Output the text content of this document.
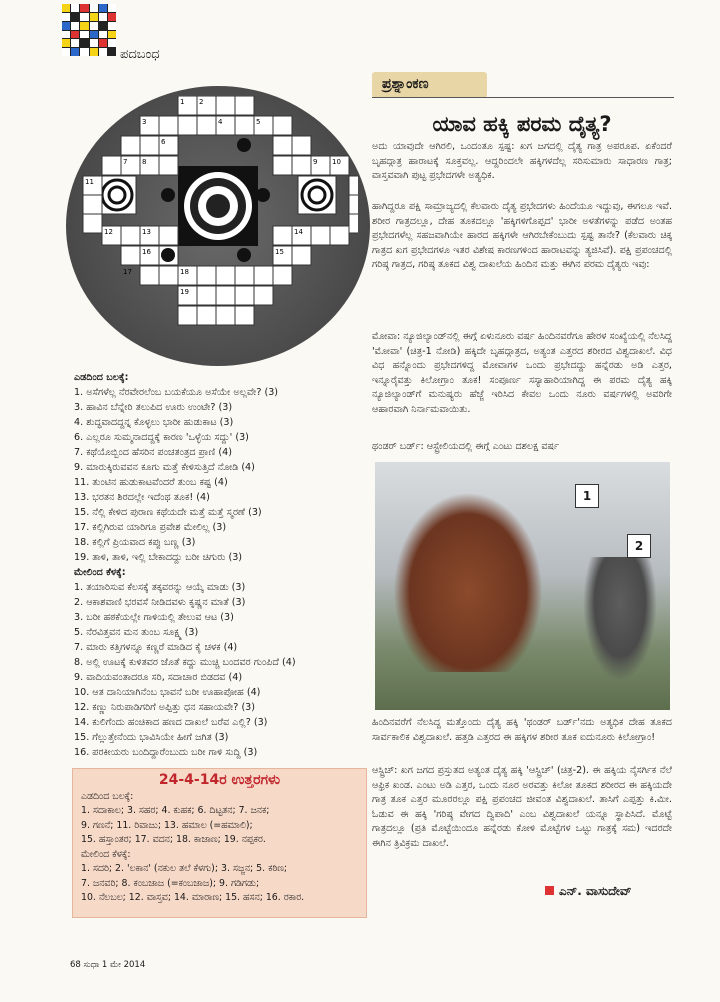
ಪದಬಂಧ
1 2
3	4	5
6
7 8	9 10
11
12	13	14
15
16
17	18
19
ಎಡದಿಂದ ಬಲಕ್ಕೆ:
1. ಅಸೆಗಳೆಲ್ಲ ನೆರವೇರಲೆಂಬ ಬಯಕೆಯೂ ಅಸೆಯೇ ಅಲ್ಲವೇ? (3)
3. ಹಾವಿನ ಬೆನ್ನೇರಿ ತಲುಪಿದ ಊರು ಉಂಟೇ? (3)
4. ಶುದ್ಧವಾದದ್ದನ್ನ ಕೊಳ್ಳಲು ಭಾರೀ ಹುಡುಕಾಟ (3)
6. ಎಲ್ಲರೂ ಸುಮ್ಮನಾದದ್ದಕ್ಕೆ ಕಾರಣ 'ಒಳ್ಳೆಯ ಸದ್ದು' (3)
7. ಕಥೆಯೊಬ್ಬಿಂದ ಹೆಸರಿನ ಪಂಚತಂತ್ರದ ಪ್ರಾಣಿ (4)
9. ಮಾರುಕ್ಕಿರುವವನ ಕೂಗು ಮತ್ತೆ ಕೇಳಿಸುತ್ತಿದೆ ನೋಡಿ (4)
11. ತುಂಟಿನ ಹುಡುಕಾಟವೆಂದರೆ ತುಂಬ ಕಷ್ಟ (4)
13. ಭರತನ ಶಿರದಲ್ಲೇ ಇದೆಂಥ ತೂಕ! (4)
15. ನೆಲ್ಲಿ ಕೇಳಿದ ಪುರಾಣ ಕಥೆಯದೇ ಮತ್ತೆ ಮತ್ತೆ ಸ್ಮರಣೆ (3)
17. ಕಲ್ಲಿಗಿರುವ ಯಾರಿಗೂ ಪ್ರವೇಶ ಮೇಲಿಲ್ಲ (3)
18. ಕಲ್ಲಿಗೆ ಪ್ರಿಯವಾದ ಕಪ್ಪು ಬಣ್ಣ (3)
19. ತಾಳಿ, ತಾಳಿ, ಇಲ್ಲಿ ಬೇಕಾದದ್ದು ಬರೀ ಚಿಗುರು (3)
ಮೇಲಿಂದ ಕೆಳಕ್ಕೆ:
1. ತಯಾರಿಸುವ ಕೆಲಸಕ್ಕೆ ತಕ್ಕವರನ್ನು ಆಯ್ಕೆ ಮಾಡು (3)
2. ಆಕಾಶವಾಣಿ ಭರವಸೆ ನೀಡಿದವಳು ಕೃಷ್ಣನ ಮಾತೆ (3)
3. ಬರೀ ಹಠಕೆಯಲ್ಲೇ ಗಾಳಿಯಲ್ಲಿ ತೇಲುವ ಆಟ (3)
5. ನೆರವಿತ್ತವನ ಮನ ತುಂಬ ಸೂಕ್ಷ್ಮ (3)
7. ಮಾರು ಕತ್ತಿಗಳನ್ನೂ ಕಣ್ಣರೆ ಮಾಡಿದ ಕೈ ಚಳಕ (4)
8. ಅಲ್ಲಿ ಊಟಕ್ಕೆ ಕುಳಿತವರ ಜೊತೆ ಕದ್ದು ಮುಚ್ಚಿ ಬಂದವರ ಗುಂಪಿದೆ (4)
9. ವಾದಿಯವಂತಾದರೂ ಸರಿ, ಸದಾಚಾರ ಬಿಡದವ (4)
10. ಆತ ದಾನಿಯಾಗಿನೆಂಬ ಭಾವನೆ ಬರೀ ಊಹಾಪೋಹ (4)
12. ಕಣ್ಣು ನಿರುಪಾಡಿಗರಿಗೆ ಅಪ್ಪಿತ್ತು ಧನ ಸಹಾಯವೇ? (3)
14. ಕುಲಿಗೆಂದು ಹಂಚಿಕಾದ ಹಣದ ದಾಖಲೆ ಬರೆವ ಎಲ್ಲಿ? (3)
15. ಗೆಲ್ಲುತ್ತೇನೆಂದು ಭಾವಿಸಿಯೇ ಹೀಗೆ ಜಗಿತ (3)
16. ಪರಕೀಯರು ಬಂದಿದ್ದಾರೆಂಬುದು ಬರೀ ಗಾಳಿ ಸುದ್ದಿ (3)
24-4-14ರ ಉತ್ತರಗಳು
ಎಡದಿಂದ ಬಲಕ್ಕೆ:
1. ಸದಾಕಾಲ; 3. ಸಹರ; 4. ಕುಹಕ; 6. ದಿಟ್ಟತನ; 7. ಜನಕ;
9. ಗಣನೆ; 11. ರಿವಾಜು; 13. ಹಮಾಲ (=ಹಮಾಲಿ);
15. ಹಸ್ತಾಂತರ; 17. ವದನ; 18. ಕಾಜಾಣ; 19. ನಪ್ಪಕರ.
ಮೇಲಿಂದ ಕೆಳಕ್ಕೆ:
1. ಸದರಿ; 2. 'ಲಕಾನ' (ನಕುಲ ತಲೆ ಕೆಳಗು); 3. ಸಜ್ಜನ; 5. ಕಠಿಣ;
7. ಜನವರಿ; 8. ಕಂಬಜಾಜ (=ಕಂಬಜಾಜ); 9. ಗಡಿಗಡು;
10. ನೆಲಬಲ; 12. ವಾಸ್ತವ; 14. ಮಾರಾಣ; 15. ಹಸನ; 16. ರಕಾರ.
68 ಸುಧಾ 1 ಮೇ 2014
ಪ್ರಶ್ನಾಂಕಣ
ಯಾವ ಹಕ್ಕಿ ಪರಮ ದೈತ್ಯ?
ಅದು ಯಾವುದೇ ಆಗಿರಲಿ, ಒಂದಂತೂ ಸ್ಪಷ್ಟ: ಖಗ ಜಗದಲ್ಲಿ ದೈತ್ಯ ಗಾತ್ರ ಅಪರೂಪ. ಏಕೆಂದರೆ ಬೃಹದ್ಗಾತ್ರ ಹಾರಾಟಕ್ಕೆ ಸೂಕ್ತವಲ್ಲ. ಆದ್ದರಿಂದಲೇ ಹಕ್ಕಿಗಳದೆಲ್ಲ ಸರಿಸುಮಾರು ಸಾಧಾರಣ ಗಾತ್ರ; ವಾಸ್ತವವಾಗಿ ಪುಟ್ಟ ಪ್ರಭೇದಗಳೇ ಅತ್ಯಧಿಕ.
ಹಾಗಿದ್ದರೂ ಪಕ್ಷಿ ಸಾಮ್ರಾಜ್ಯದಲ್ಲಿ ಕೆಲವಾರು ದೈತ್ಯ ಪ್ರಭೇದಗಳು ಹಿಂದೆಯೂ ಇದ್ದುವು, ಈಗಲೂ ಇವೆ. ಶರೀರ ಗಾತ್ರದಲ್ಲೂ, ದೇಹ ತೂಕದಲ್ಲೂ 'ಹಕ್ಕಿಗಳಿಗೊಪ್ಪದ' ಭಾರೀ ಅಳತೆಗಳನ್ನು ಪಡೆದ ಅಂತಹ ಪ್ರಭೇದಗಳೆಲ್ಲ ಸಹಜವಾಗಿಯೇ ಹಾರದ ಹಕ್ಕಿಗಳೇ ಆಗಿರಬೇಕೆಂಬುದು ಸ್ಪಷ್ಟ ತಾನೇ? (ಕೆಲವಾರು ಚಿಕ್ಕ ಗಾತ್ರದ ಖಗ ಪ್ರಭೇದಗಳೂ ಇತರ ವಿಶೇಷ ಕಾರಣಗಳಿಂದ ಹಾರಾಟವನ್ನು ತ್ಯಜಿಸಿವೆ). ಪಕ್ಷಿ ಪ್ರಪಂಚದಲ್ಲಿ ಗರಿಷ್ಠ ಗಾತ್ರದ, ಗರಿಷ್ಠ ತೂಕದ ವಿಶ್ವ ದಾಖಲೆಯ ಹಿಂದಿನ ಮತ್ತು ಈಗಿನ ಪರಮ ದೈತ್ಯರು ಇವು:
ಮೋವಾ: ನ್ಯೂಜಿಲ್ಯಾಂಡ್‌ನಲ್ಲಿ ಈಗ್ಗೆ ಏಳುನೂರು ವರ್ಷ ಹಿಂದಿನವರೆಗೂ ಹೇರಳ ಸಂಖ್ಯೆಯಲ್ಲಿ ನೆಲಸಿದ್ದ 'ಮೋವಾ' (ಚಿತ್ರ-1 ನೋಡಿ) ಹಕ್ಕಿದೇ ಬೃಹದ್ಗಾತ್ರದ, ಅತ್ಯಂತ ಎತ್ತರದ ಶರೀರದ ವಿಶ್ವದಾಖಲೆ. ವಿಧ ವಿಧ ಹನ್ನೊಂದು ಪ್ರಭೇದಗಳಿದ್ದ ಮೋವಾಗಳ ಒಂದು ಪ್ರಭೇದದ್ದು ಹನ್ನೆರಡು ಅಡಿ ಎತ್ತರ, ಇನ್ನೂರೈವತ್ತು ಕಿಲೋಗ್ರಾಂ ತೂಕ! ಸಂಪೂರ್ಣ ಸಸ್ಯಾಹಾರಿಯಾಗಿದ್ದ ಈ ಪರಮ ದೈತ್ಯ ಹಕ್ಕಿ ನ್ಯೂಜಿಲ್ಯಾಂಡ್‌ಗೆ ಮನುಷ್ಯರು ಹೆಜ್ಜೆ ಇರಿಸಿದ ಕೇವಲ ಒಂದು ನೂರು ವರ್ಷಗಳಲ್ಲಿ ಅವರಿಗೇ ಆಹಾರವಾಗಿ ನಿರ್ನಾಮವಾಯಿತು.
ಥಂಡರ್ ಬರ್ಡ್: ಆಸ್ಟ್ರೇಲಿಯದಲ್ಲಿ ಈಗ್ಗೆ ಎಂಟು ದಶಲಕ್ಷ ವರ್ಷ
1
2
ಹಿಂದಿನವರೆಗೆ ನೆಲಸಿದ್ದ ಮತ್ತೊಂದು ದೈತ್ಯ ಹಕ್ಕಿ 'ಥಂಡರ್ ಬರ್ಡ್'ನದು ಅತ್ಯಧಿಕ ದೇಹ ತೂಕದ ಸಾರ್ವಕಾಲಿಕ ವಿಶ್ವದಾಖಲೆ. ಹತ್ತಡಿ ಎತ್ತರದ ಈ ಹಕ್ಕಿಗಳ ಶರೀರ ತೂಕ ಐದುನೂರು ಕಿಲೋಗ್ರಾಂ!
ಆಸ್ಟ್ರಿಚ್: ಖಗ ಜಗದ ಪ್ರಸ್ತುತದ ಅತ್ಯಂತ ದೈತ್ಯ ಹಕ್ಕಿ 'ಆಸ್ಟ್ರಿಚ್' (ಚಿತ್ರ-2). ಈ ಹಕ್ಕಿಯ ನೈಸರ್ಗಿಕ ನೆಲೆ ಆಫ್ರಿಕ ಖಂಡ. ಎಂಟು ಅಡಿ ಎತ್ತರ, ಒಂದು ನೂರ ಅರವತ್ತು ಕಿಲೋ ತೂಕದ ಶರೀರದ ಈ ಹಕ್ಕಿಯದೇ ಗಾತ್ರ ತೂಕ ಎತ್ತರ ಮೂರರಲ್ಲೂ ಪಕ್ಷಿ ಪ್ರಪಂಚದ ಜೀವಂತ ವಿಶ್ವದಾಖಲೆ. ತಾಸಿಗೆ ಎಪ್ಪತ್ತು ಕಿ.ಮೀ. ಓಡುವ ಈ ಹಕ್ಕಿ 'ಗರಿಷ್ಠ ವೇಗದ ದ್ವಿಪಾದಿ' ಎಂಬ ವಿಶ್ವದಾಖಲೆ ಯನ್ನೂ ಸ್ಥಾಪಿಸಿದೆ. ಮೊಟ್ಟೆ ಗಾತ್ರದಲ್ಲೂ (ಪ್ರತಿ ಮೊಟ್ಟೆಯಿಂದೂ ಹನ್ನೆರಡು ಕೋಳಿ ಮೊಟ್ಟೆಗಳ ಒಟ್ಟು ಗಾತ್ರಕ್ಕೆ ಸಮ) ಇದರದೇ ಈಗಿನ ತ್ರಿವಿಕ್ರಮ ದಾಖಲೆ.
ಎನ್. ವಾಸುದೇವ್
